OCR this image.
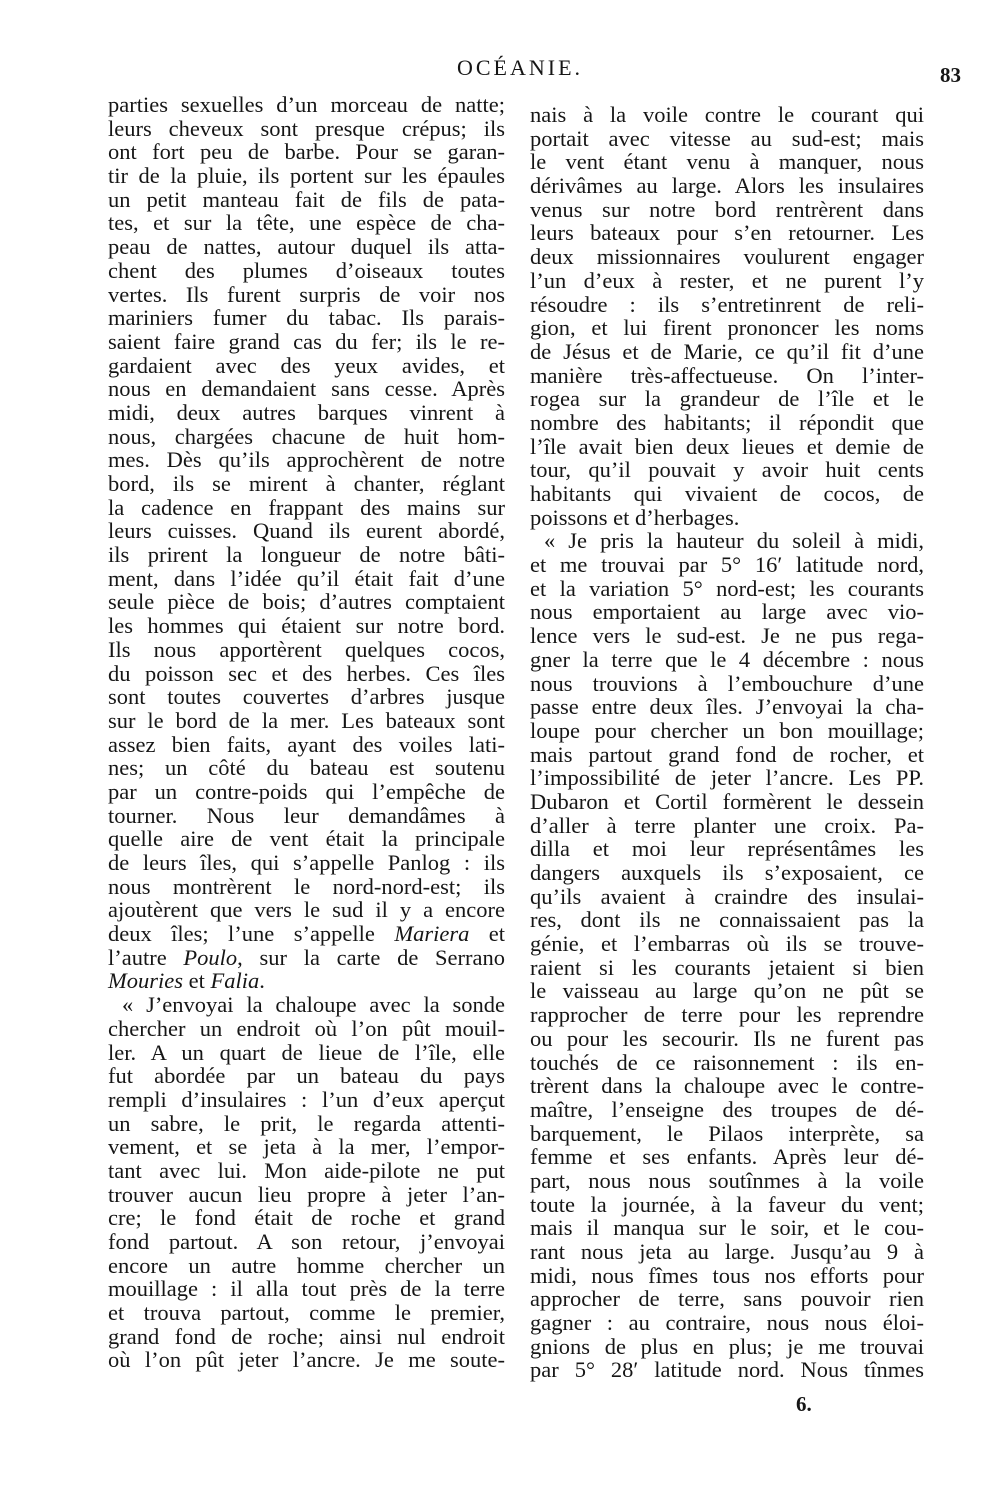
OCÉANIE.	83
parties sexuelles d’un morceau de natte;
leurs cheveux sont presque crépus; ils
ont fort peu de barbe. Pour se garan-
tir de la pluie, ils portent sur les épaules
un petit manteau fait de fils de pata-
tes, et sur la tête, une espèce de cha-
peau de nattes, autour duquel ils atta-
chent des plumes d’oiseaux toutes
vertes. Ils furent surpris de voir nos
mariniers fumer du tabac. Ils parais-
saient faire grand cas du fer; ils le re-
gardaient avec des yeux avides, et
nous en demandaient sans cesse. Après
midi, deux autres barques vinrent à
nous, chargées chacune de huit hom-
mes. Dès qu’ils approchèrent de notre
bord, ils se mirent à chanter, réglant
la cadence en frappant des mains sur
leurs cuisses. Quand ils eurent abordé,
ils prirent la longueur de notre bâti-
ment, dans l’idée qu’il était fait d’une
seule pièce de bois; d’autres comptaient
les hommes qui étaient sur notre bord.
Ils nous apportèrent quelques cocos,
du poisson sec et des herbes. Ces îles
sont toutes couvertes d’arbres jusque
sur le bord de la mer. Les bateaux sont
assez bien faits, ayant des voiles lati-
nes; un côté du bateau est soutenu
par un contre-poids qui l’empêche de
tourner. Nous leur demandâmes à
quelle aire de vent était la principale
de leurs îles, qui s’appelle Panlog : ils
nous montrèrent le nord-nord-est; ils
ajoutèrent que vers le sud il y a encore
deux îles; l’une s’appelle Mariera et
l’autre Poulo, sur la carte de Serrano
Mouries et Falia.
« J’envoyai la chaloupe avec la sonde
chercher un endroit où l’on pût mouil-
ler. A un quart de lieue de l’île, elle
fut abordée par un bateau du pays
rempli d’insulaires : l’un d’eux aperçut
un sabre, le prit, le regarda attenti-
vement, et se jeta à la mer, l’empor-
tant avec lui. Mon aide-pilote ne put
trouver aucun lieu propre à jeter l’an-
cre; le fond était de roche et grand
fond partout. A son retour, j’envoyai
encore un autre homme chercher un
mouillage : il alla tout près de la terre
et trouva partout, comme le premier,
grand fond de roche; ainsi nul endroit
où l’on pût jeter l’ancre. Je me soute-
nais à la voile contre le courant qui
portait avec vitesse au sud-est; mais
le vent étant venu à manquer, nous
dérivâmes au large. Alors les insulaires
venus sur notre bord rentrèrent dans
leurs bateaux pour s’en retourner. Les
deux missionnaires voulurent engager
l’un d’eux à rester, et ne purent l’y
résoudre : ils s’entretinrent de reli-
gion, et lui firent prononcer les noms
de Jésus et de Marie, ce qu’il fit d’une
manière très-affectueuse. On l’inter-
rogea sur la grandeur de l’île et le
nombre des habitants; il répondit que
l’île avait bien deux lieues et demie de
tour, qu’il pouvait y avoir huit cents
habitants qui vivaient de cocos, de
poissons et d’herbages.
« Je pris la hauteur du soleil à midi,
et me trouvai par 5° 16′ latitude nord,
et la variation 5° nord-est; les courants
nous emportaient au large avec vio-
lence vers le sud-est. Je ne pus rega-
gner la terre que le 4 décembre : nous
nous trouvions à l’embouchure d’une
passe entre deux îles. J’envoyai la cha-
loupe pour chercher un bon mouillage;
mais partout grand fond de rocher, et
l’impossibilité de jeter l’ancre. Les PP.
Dubaron et Cortil formèrent le dessein
d’aller à terre planter une croix. Pa-
dilla et moi leur représentâmes les
dangers auxquels ils s’exposaient, ce
qu’ils avaient à craindre des insulai-
res, dont ils ne connaissaient pas la
génie, et l’embarras où ils se trouve-
raient si les courants jetaient si bien
le vaisseau au large qu’on ne pût se
rapprocher de terre pour les reprendre
ou pour les secourir. Ils ne furent pas
touchés de ce raisonnement : ils en-
trèrent dans la chaloupe avec le contre-
maître, l’enseigne des troupes de dé-
barquement, le Pilaos interprète, sa
femme et ses enfants. Après leur dé-
part, nous nous soutînmes à la voile
toute la journée, à la faveur du vent;
mais il manqua sur le soir, et le cou-
rant nous jeta au large. Jusqu’au 9 à
midi, nous fîmes tous nos efforts pour
approcher de terre, sans pouvoir rien
gagner : au contraire, nous nous éloi-
gnions de plus en plus; je me trouvai
par 5° 28′ latitude nord. Nous tînmes
6.
